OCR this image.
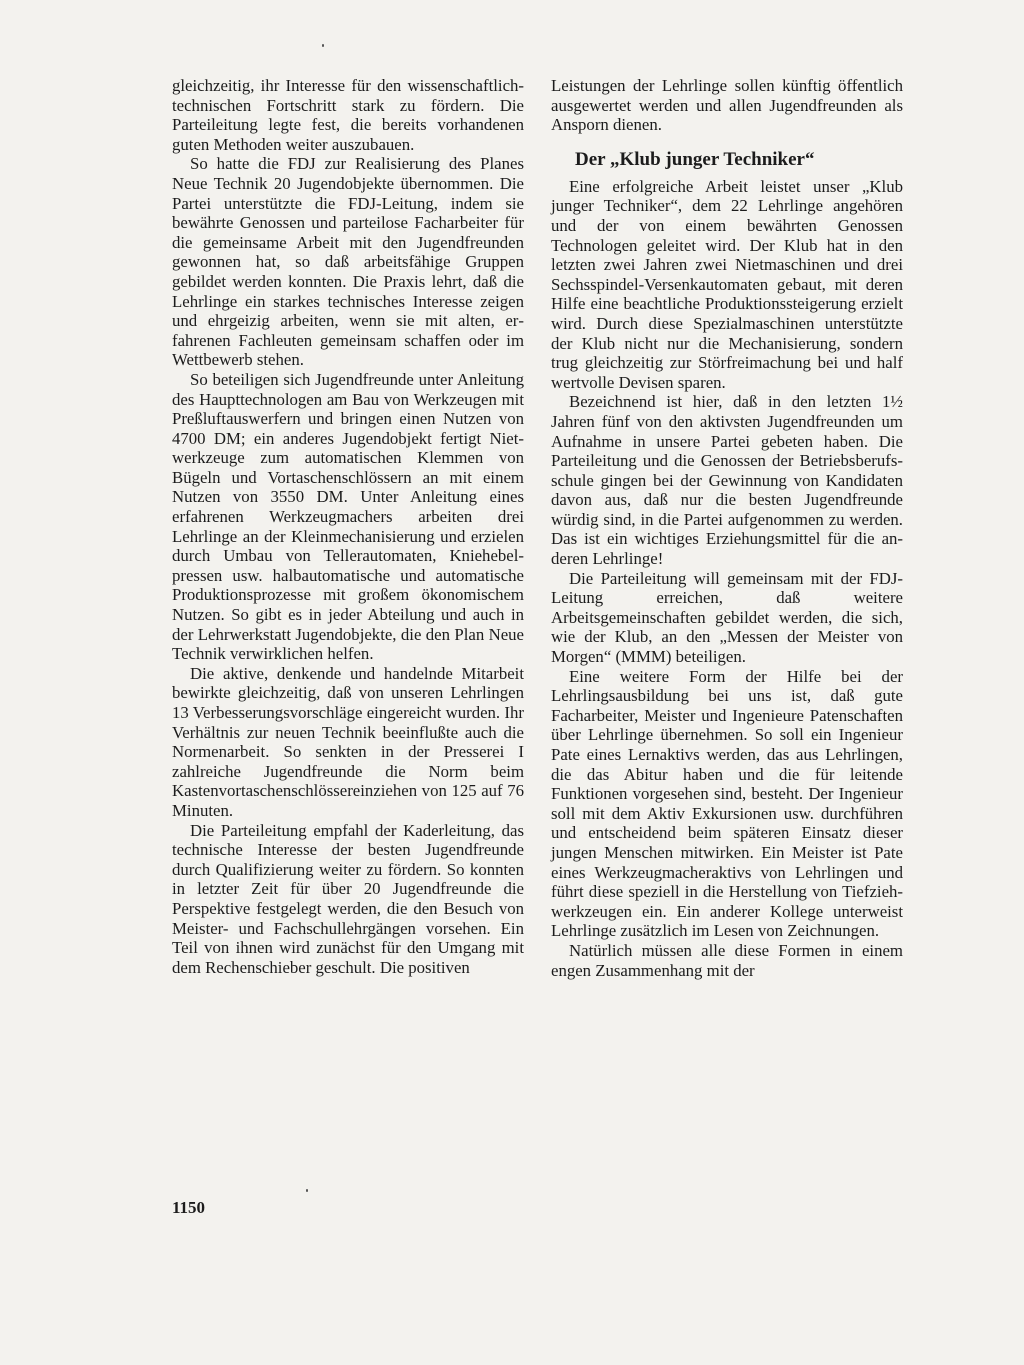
gleichzeitig, ihr Interesse für den wissenschaftlich-technischen Fortschritt stark zu fördern. Die Parteileitung legte fest, die bereits vorhandenen guten Methoden weiter auszubauen.

So hatte die FDJ zur Realisierung des Planes Neue Technik 20 Jugendobjekte übernommen. Die Partei unterstützte die FDJ-Leitung, indem sie bewährte Genossen und parteilose Facharbeiter für die gemeinsame Arbeit mit den Jugendfreunden gewonnen hat, so daß arbeitsfähige Gruppen gebildet werden konnten. Die Praxis lehrt, daß die Lehrlinge ein starkes technisches Interesse zeigen und ehrgeizig arbeiten, wenn sie mit alten, erfahrenen Fachleuten gemeinsam schaffen oder im Wettbewerb stehen.

So beteiligen sich Jugendfreunde unter Anleitung des Haupttechnologen am Bau von Werkzeugen mit Preßluftauswerfern und bringen einen Nutzen von 4700 DM; ein anderes Jugendobjekt fertigt Nietwerkzeuge zum automatischen Klemmen von Bügeln und Vortaschenschlössern an mit einem Nutzen von 3550 DM. Unter Anleitung eines erfahrenen Werkzeugmachers arbeiten drei Lehrlinge an der Kleinmechanisierung und erzielen durch Umbau von Tellerautomaten, Kniehebelpressen usw. halbautomatische und automatische Produktionsprozesse mit großem ökonomischem Nutzen. So gibt es in jeder Abteilung und auch in der Lehrwerkstatt Jugendobjekte, die den Plan Neue Technik verwirklichen helfen.

Die aktive, denkende und handelnde Mitarbeit bewirkte gleichzeitig, daß von unseren Lehrlingen 13 Verbesserungsvorschläge eingereicht wurden. Ihr Verhältnis zur neuen Technik beeinflußte auch die Normenarbeit. So senkten in der Presserei I zahlreiche Jugendfreunde die Norm beim Kastenvortaschenschlössereinziehen von 125 auf 76 Minuten.

Die Parteileitung empfahl der Kaderleitung, das technische Interesse der besten Jugendfreunde durch Qualifizierung weiter zu fördern. So konnten in letzter Zeit für über 20 Jugendfreunde die Perspektive festgelegt werden, die den Besuch von Meister- und Fachschullehrgängen vorsehen. Ein Teil von ihnen wird zunächst für den Umgang mit dem Rechenschieber geschult. Die positiven

Leistungen der Lehrlinge sollen künftig öffentlich ausgewertet werden und allen Jugendfreunden als Ansporn dienen.

Der „Klub junger Techniker“

Eine erfolgreiche Arbeit leistet unser „Klub junger Techniker“, dem 22 Lehrlinge angehören und der von einem bewährten Genossen Technologen geleitet wird. Der Klub hat in den letzten zwei Jahren zwei Nietmaschinen und drei Sechsspindel-Versenkautomaten gebaut, mit deren Hilfe eine beachtliche Produktionssteigerung erzielt wird. Durch diese Spezialmaschinen unterstützte der Klub nicht nur die Mechanisierung, sondern trug gleichzeitig zur Störfreimachung bei und half wertvolle Devisen sparen.

Bezeichnend ist hier, daß in den letzten 1½ Jahren fünf von den aktivsten Jugendfreunden um Aufnahme in unsere Partei gebeten haben. Die Parteileitung und die Genossen der Betriebsberufsschule gingen bei der Gewinnung von Kandidaten davon aus, daß nur die besten Jugendfreunde würdig sind, in die Partei aufgenommen zu werden. Das ist ein wichtiges Erziehungsmittel für die anderen Lehrlinge!

Die Parteileitung will gemeinsam mit der FDJ-Leitung erreichen, daß weitere Arbeitsgemeinschaften gebildet werden, die sich, wie der Klub, an den „Messen der Meister von Morgen“ (MMM) beteiligen.

Eine weitere Form der Hilfe bei der Lehrlingsausbildung bei uns ist, daß gute Facharbeiter, Meister und Ingenieure Patenschaften über Lehrlinge übernehmen. So soll ein Ingenieur Pate eines Lernaktivs werden, das aus Lehrlingen, die das Abitur haben und die für leitende Funktionen vorgesehen sind, besteht. Der Ingenieur soll mit dem Aktiv Exkursionen usw. durchführen und entscheidend beim späteren Einsatz dieser jungen Menschen mitwirken. Ein Meister ist Pate eines Werkzeugmacheraktivs von Lehrlingen und führt diese speziell in die Herstellung von Tiefziehwerkzeugen ein. Ein anderer Kollege unterweist Lehrlinge zusätzlich im Lesen von Zeichnungen.

Natürlich müssen alle diese Formen in einem engen Zusammenhang mit der

1150
